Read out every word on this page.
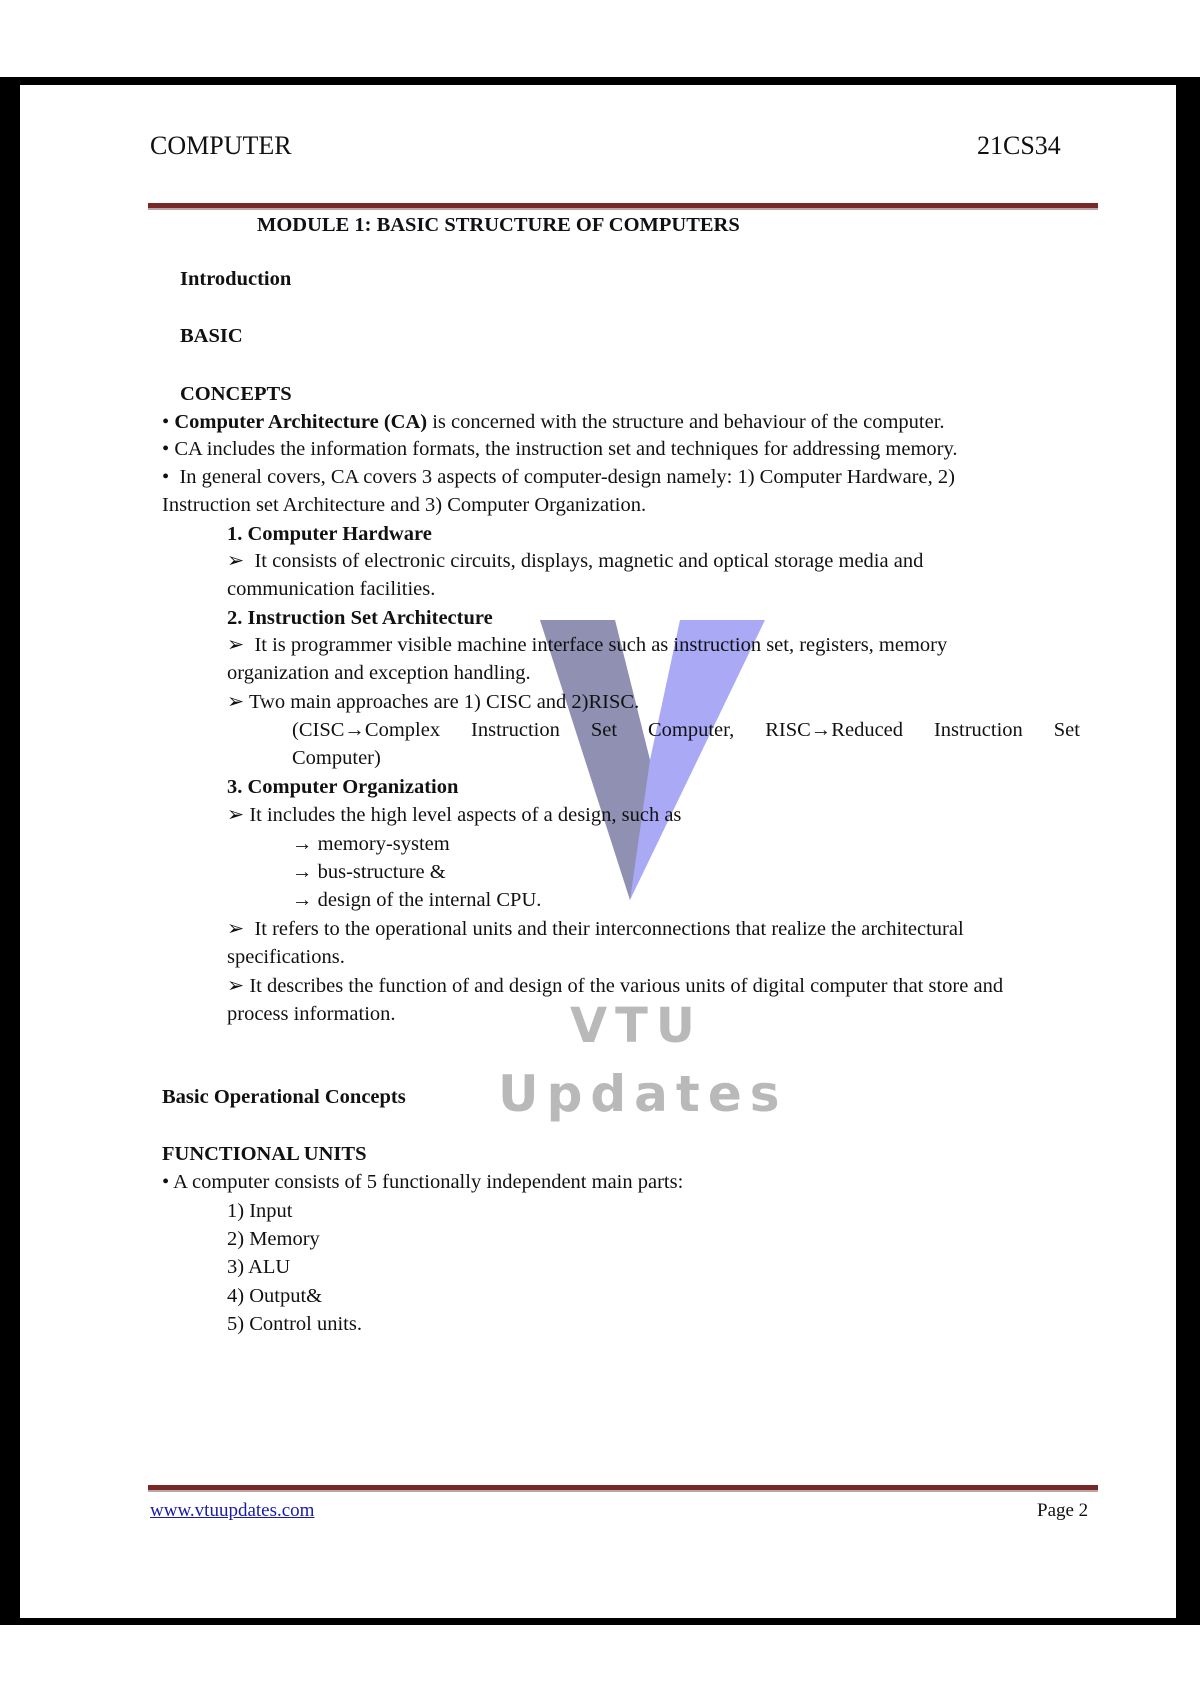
COMPUTER	21CS34
VTU
Updates
MODULE 1: BASIC STRUCTURE OF COMPUTERS
Introduction
BASIC
CONCEPTS
• Computer Architecture (CA) is concerned with the structure and behaviour of the computer.
• CA includes the information formats, the instruction set and techniques for addressing memory.
•  In general covers, CA covers 3 aspects of computer-design namely: 1) Computer Hardware, 2)
Instruction set Architecture and 3) Computer Organization.
1. Computer Hardware
➢  It consists of electronic circuits, displays, magnetic and optical storage media and
communication facilities.
2. Instruction Set Architecture
➢  It is programmer visible machine interface such as instruction set, registers, memory
organization and exception handling.
➢ Two main approaches are 1) CISC and 2)RISC.
(CISC→Complex Instruction Set Computer, RISC→Reduced Instruction Set
Computer)
3. Computer Organization
➢ It includes the high level aspects of a design, such as
→ memory-system
→ bus-structure &
→ design of the internal CPU.
➢  It refers to the operational units and their interconnections that realize the architectural
specifications.
➢ It describes the function of and design of the various units of digital computer that store and
process information.
Basic Operational Concepts
FUNCTIONAL UNITS
• A computer consists of 5 functionally independent main parts:
1) Input
2) Memory
3) ALU
4) Output&
5) Control units.
www.vtuupdates.com	Page 2
